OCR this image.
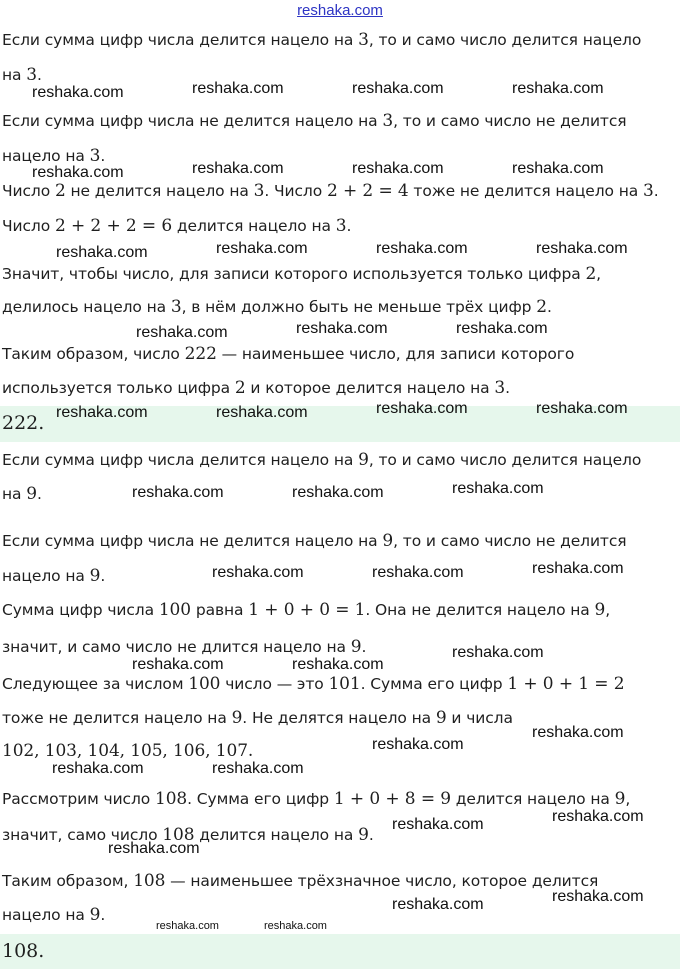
reshaka.com
Если сумма цифр числа делится нацело на 3, то и само число делится нацело
на 3.
Если сумма цифр числа не делится нацело на 3, то и само число не делится
нацело на 3.
Число 2 не делится нацело на 3. Число 2 + 2 = 4 тоже не делится нацело на 3.
Число 2 + 2 + 2 = 6 делится нацело на 3.
Значит, чтобы число, для записи которого используется только цифра 2,
делилось нацело на 3, в нём должно быть не меньше трёх цифр 2.
Таким образом, число 222 — наименьшее число, для записи которого
используется только цифра 2 и которое делится нацело на 3.
222.
Если сумма цифр числа делится нацело на 9, то и само число делится нацело
на 9.
Если сумма цифр числа не делится нацело на 9, то и само число не делится
нацело на 9.
Сумма цифр числа 100 равна 1 + 0 + 0 = 1. Она не делится нацело на 9,
значит, и само число не длится нацело на 9.
Следующее за числом 100 число — это 101. Сумма его цифр 1 + 0 + 1 = 2
тоже не делится нацело на 9. Не делятся нацело на 9 и числа
102, 103, 104, 105, 106, 107.
Рассмотрим число 108. Сумма его цифр 1 + 0 + 8 = 9 делится нацело на 9,
значит, само число 108 делится нацело на 9.
Таким образом, 108 — наименьшее трёхзначное число, которое делится
нацело на 9.
108.
reshaka.com	reshaka.com	reshaka.com	reshaka.com
reshaka.com	reshaka.com	reshaka.com	reshaka.com
reshaka.com	reshaka.com	reshaka.com	reshaka.com
reshaka.com	reshaka.com	reshaka.com
reshaka.com	reshaka.com	reshaka.com	reshaka.com
reshaka.com	reshaka.com	reshaka.com
reshaka.com	reshaka.com	reshaka.com
reshaka.com
reshaka.com	reshaka.com
reshaka.com
reshaka.com
reshaka.com	reshaka.com
reshaka.com
reshaka.com
reshaka.com
reshaka.com
reshaka.com
reshaka.com	reshaka.com
